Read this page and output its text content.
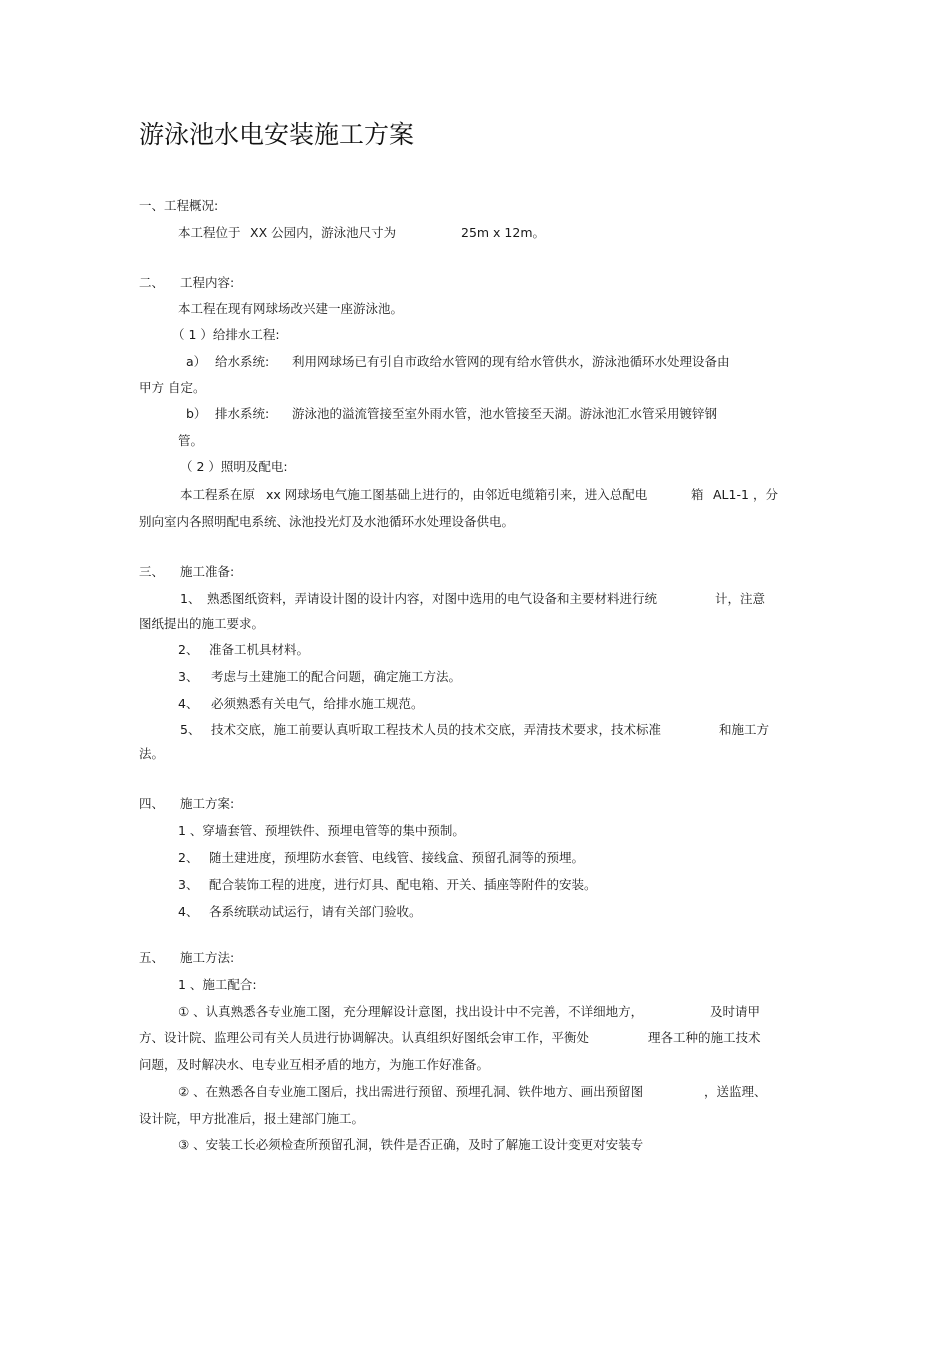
游泳池水电安装施工方案
一、工程概况:
本工程位于 XX 公园内，游泳池尺寸为	25m x 12m。
二、 工程内容:
本工程在现有网球场改兴建一座游泳池。
（ 1 ）给排水工程:
a） 给水系统: 利用网球场已有引自市政给水管网的现有给水管供水，游泳池循环水处理设备由
甲方 自定。
b） 排水系统: 游泳池的溢流管接至室外雨水管，池水管接至天湖。游泳池汇水管采用镀锌钢
管。
（ 2 ）照明及配电:
本工程系在原 xx 网球场电气施工图基础上进行的，由邻近电缆箱引来，进入总配电	箱 AL1-1 ，分
别向室内各照明配电系统、泳池投光灯及水池循环水处理设备供电。
三、 施工准备:
1、 熟悉图纸资料，弄请设计图的设计内容，对图中选用的电气设备和主要材料进行统	计，注意
图纸提出的施工要求。
2、 准备工机具材料。
3、 考虑与土建施工的配合问题，确定施工方法。
4、 必须熟悉有关电气，给排水施工规范。
5、 技术交底，施工前要认真听取工程技术人员的技术交底，弄清技术要求，技术标准	和施工方
法。
四、 施工方案:
1 、穿墙套管、预埋铁件、预埋电管等的集中预制。
2、 随土建进度，预埋防水套管、电线管、接线盒、预留孔洞等的预埋。
3、 配合装饰工程的进度，进行灯具、配电箱、开关、插座等附件的安装。
4、 各系统联动试运行，请有关部门验收。
五、 施工方法:
1 、施工配合:
① 、认真熟悉各专业施工图，充分理解设计意图，找出设计中不完善，不详细地方，	及时请甲
方、设计院、监理公司有关人员进行协调解决。认真组织好图纸会审工作，平衡处	理各工种的施工技术
问题，及时解决水、电专业互相矛盾的地方，为施工作好准备。
② 、在熟悉各自专业施工图后，找出需进行预留、预埋孔洞、铁件地方、画出预留图	，送监理、
设计院，甲方批准后，报土建部门施工。
③ 、安装工长必须检查所预留孔洞，铁件是否正确，及时了解施工设计变更对安装专
